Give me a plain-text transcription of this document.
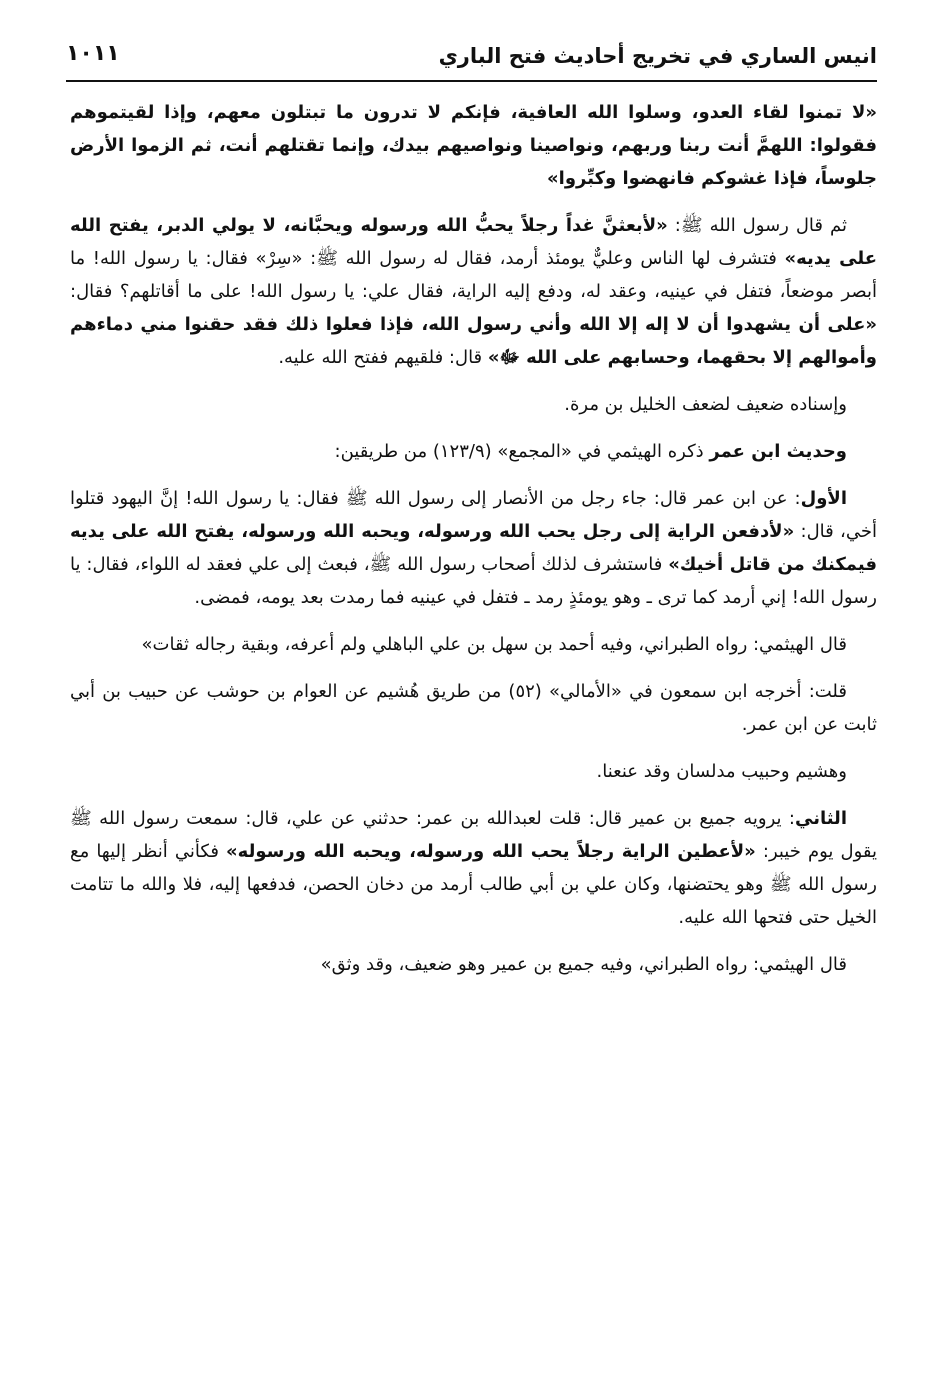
انيس الساري في تخريج أحاديث فتح الباري
١٠١١

«لا تمنوا لقاء العدو، وسلوا الله العافية، فإنكم لا تدرون ما تبتلون معهم، وإذا لقيتموهم فقولوا: اللهمَّ أنت ربنا وربهم، ونواصينا ونواصيهم بيدك، وإنما تقتلهم أنت، ثم الزموا الأرض جلوساً، فإذا غشوكم فانهضوا وكبِّروا»

ثم قال رسول الله ﷺ: «لأبعثنَّ غداً رجلاً يحبُّ الله ورسوله ويحبَّانه، لا يولي الدبر، يفتح الله على يديه» فتشرف لها الناس وعليٌّ يومئذ أرمد، فقال له رسول الله ﷺ: «سِرْ» فقال: يا رسول الله! ما أبصر موضعاً، فتفل في عينيه، وعقد له، ودفع إليه الراية، فقال علي: يا رسول الله! على ما أقاتلهم؟ فقال: «على أن يشهدوا أن لا إله إلا الله وأني رسول الله، فإذا فعلوا ذلك فقد حقنوا مني دماءهم وأموالهم إلا بحقهما، وحسابهم على الله ﷻ» قال: فلقيهم ففتح الله عليه.

وإسناده ضعيف لضعف الخليل بن مرة.

وحديث ابن عمر ذكره الهيثمي في «المجمع» (١٢٣/٩) من طريقين:

الأول: عن ابن عمر قال: جاء رجل من الأنصار إلى رسول الله ﷺ فقال: يا رسول الله! إنَّ اليهود قتلوا أخي، قال: «لأدفعن الراية إلى رجل يحب الله ورسوله، ويحبه الله ورسوله، يفتح الله على يديه فيمكنك من قاتل أخيك» فاستشرف لذلك أصحاب رسول الله ﷺ، فبعث إلى علي فعقد له اللواء، فقال: يا رسول الله! إني أرمد كما ترى ـ وهو يومئذٍ رمد ـ فتفل في عينيه فما رمدت بعد يومه، فمضى.

قال الهيثمي: رواه الطبراني، وفيه أحمد بن سهل بن علي الباهلي ولم أعرفه، وبقية رجاله ثقات»

قلت: أخرجه ابن سمعون في «الأمالي» (٥٢) من طريق هُشيم عن العوام بن حوشب عن حبيب بن أبي ثابت عن ابن عمر.

وهشيم وحبيب مدلسان وقد عنعنا.

الثاني: يرويه جميع بن عمير قال: قلت لعبدالله بن عمر: حدثني عن علي، قال: سمعت رسول الله ﷺ يقول يوم خيبر: «لأعطين الراية رجلاً يحب الله ورسوله، ويحبه الله ورسوله» فكأني أنظر إليها مع رسول الله ﷺ وهو يحتضنها، وكان علي بن أبي طالب أرمد من دخان الحصن، فدفعها إليه، فلا والله ما تتامت الخيل حتى فتحها الله عليه.

قال الهيثمي: رواه الطبراني، وفيه جميع بن عمير وهو ضعيف، وقد وثق»
